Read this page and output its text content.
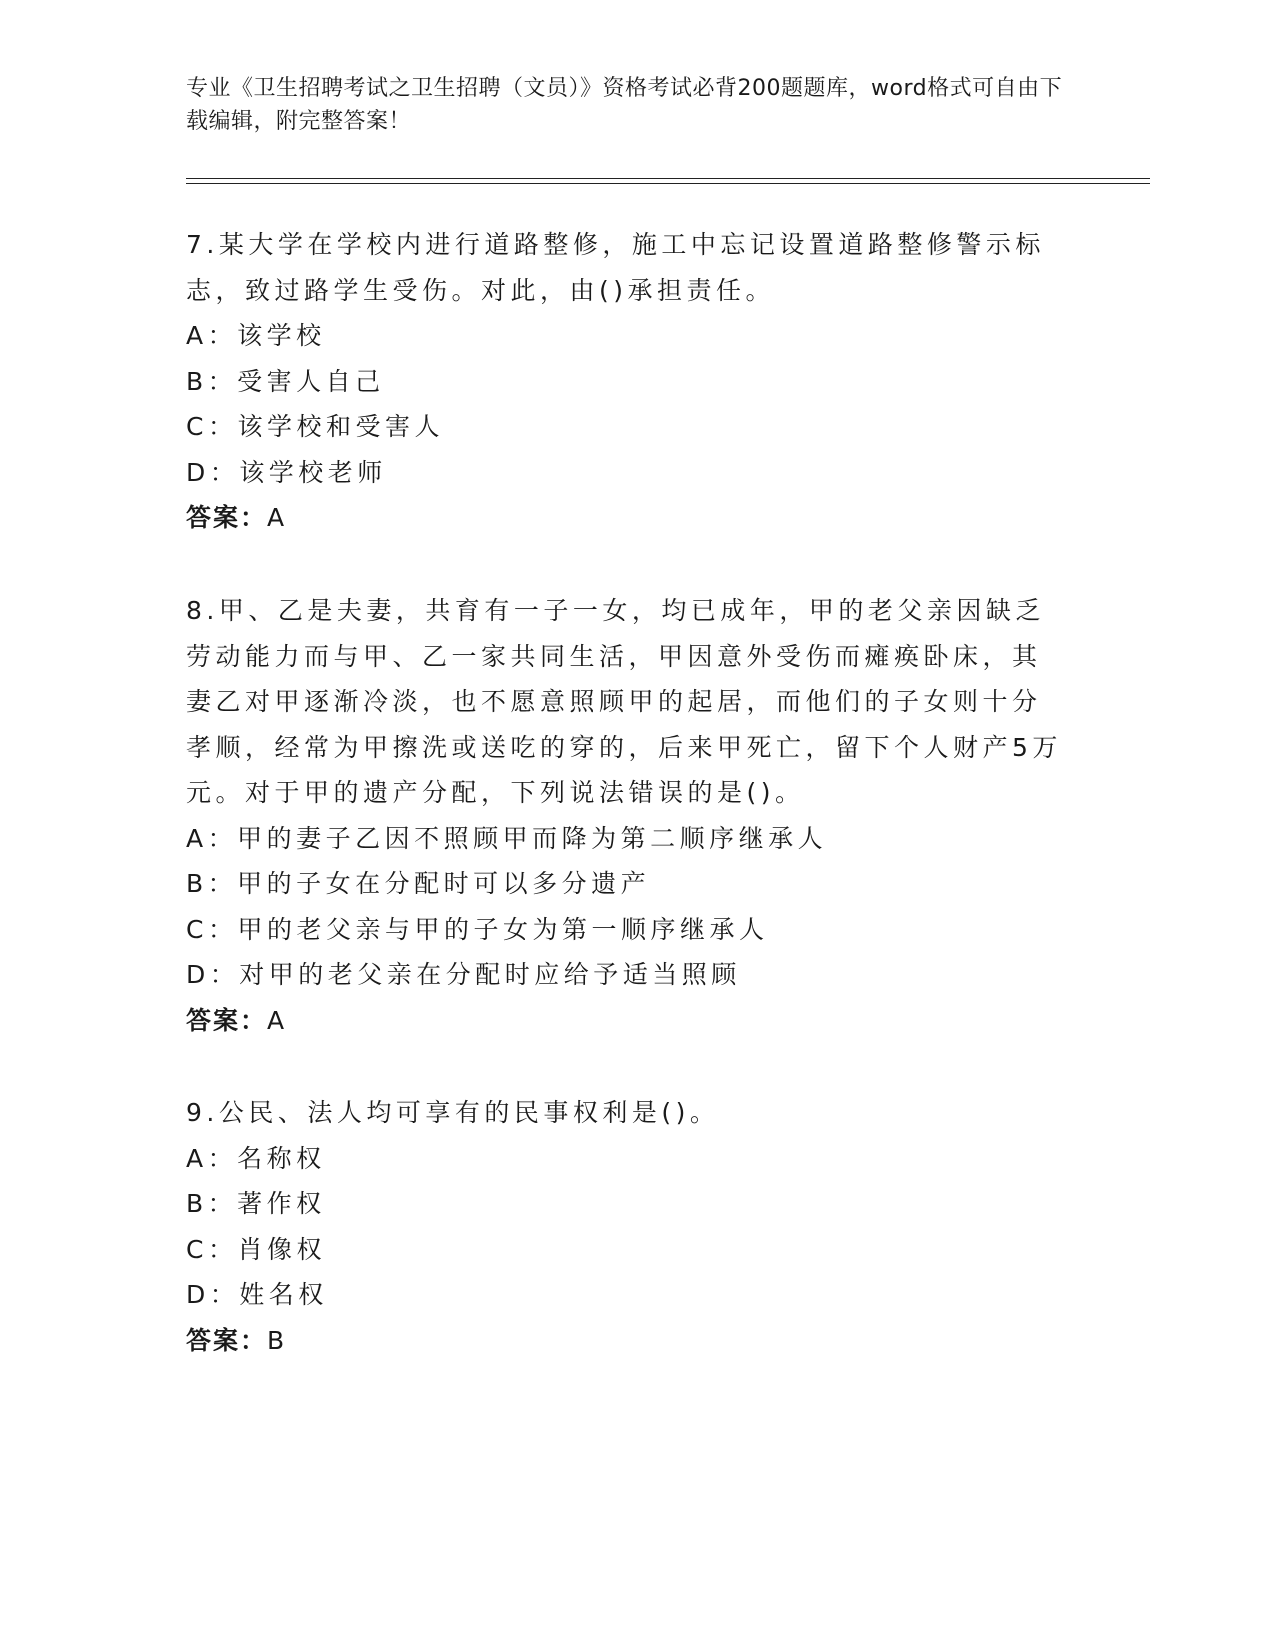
专业《卫生招聘考试之卫生招聘（文员）》资格考试必背200题题库，word格式可自由下载编辑，附完整答案！
7.某大学在学校内进行道路整修，施工中忘记设置道路整修警示标志，致过路学生受伤。对此，由()承担责任。
A：该学校
B：受害人自己
C：该学校和受害人
D：该学校老师
答案：A
8.甲、乙是夫妻，共育有一子一女，均已成年，甲的老父亲因缺乏劳动能力而与甲、乙一家共同生活，甲因意外受伤而瘫痪卧床，其妻乙对甲逐渐冷淡，也不愿意照顾甲的起居，而他们的子女则十分孝顺，经常为甲擦洗或送吃的穿的，后来甲死亡，留下个人财产5万元。对于甲的遗产分配，下列说法错误的是()。
A：甲的妻子乙因不照顾甲而降为第二顺序继承人
B：甲的子女在分配时可以多分遗产
C：甲的老父亲与甲的子女为第一顺序继承人
D：对甲的老父亲在分配时应给予适当照顾
答案：A
9.公民、法人均可享有的民事权利是()。
A：名称权
B：著作权
C：肖像权
D：姓名权
答案：B
